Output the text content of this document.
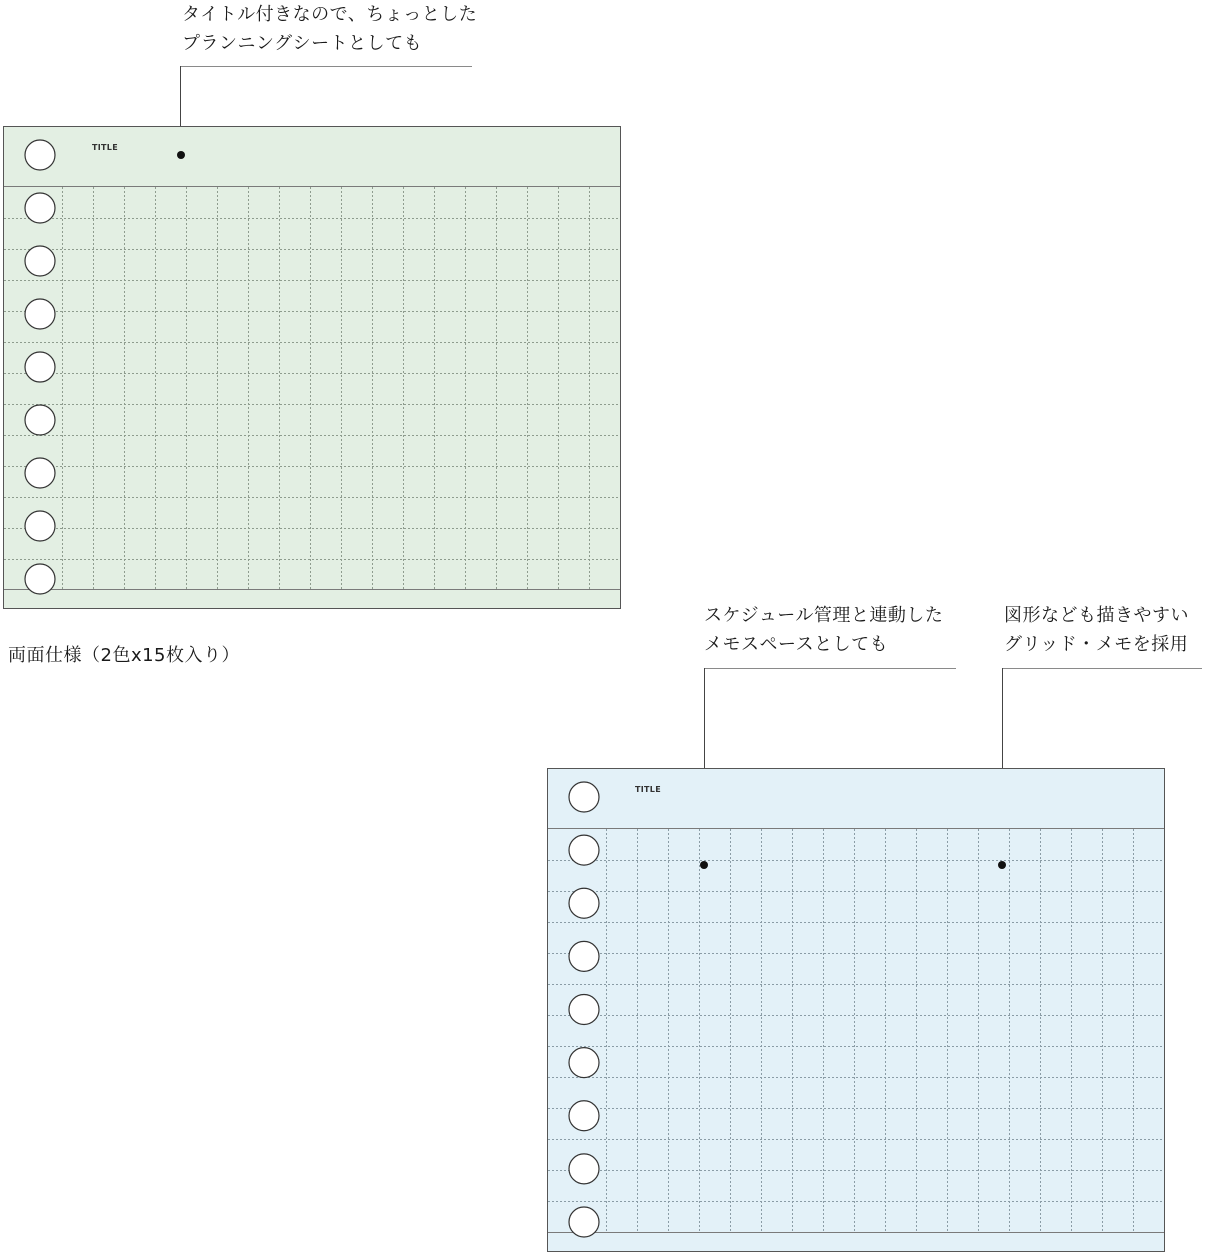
タイトル付きなので、ちょっとした
プランニングシートとしても
TITLE
両面仕様（2色x15枚入り）
スケジュール管理と連動した
メモスペースとしても
図形なども描きやすい
グリッド・メモを採用
TITLE
